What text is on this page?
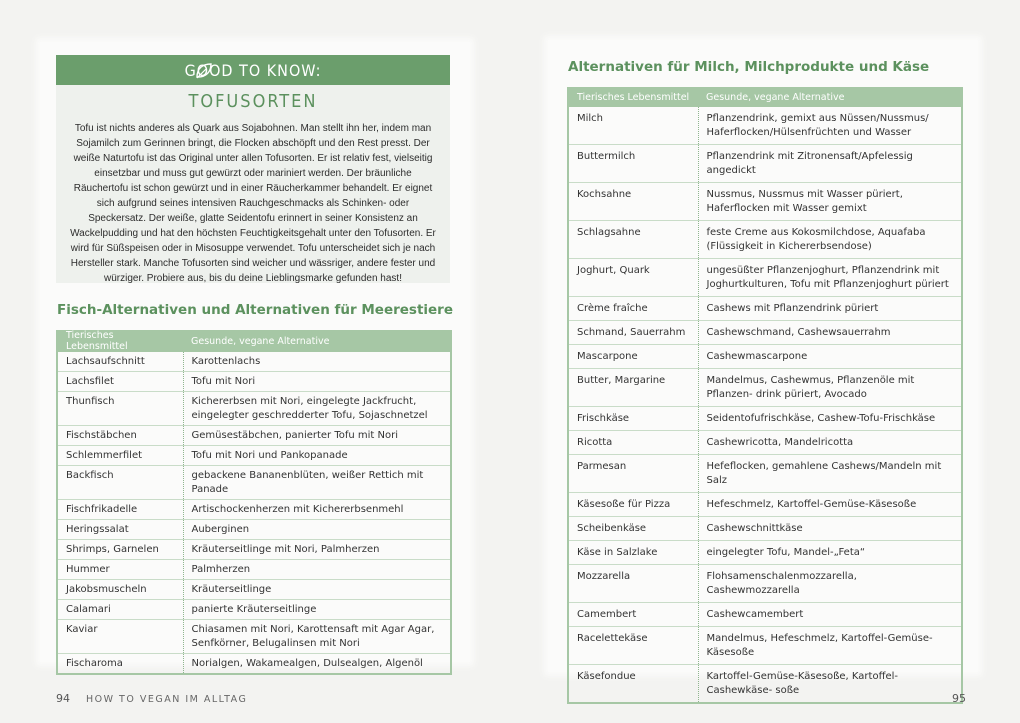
GOOD TO KNOW:
TOFUSORTEN
Tofu ist nichts anderes als Quark aus Sojabohnen. Man stellt ihn her, indem man Sojamilch zum Gerinnen bringt, die Flocken abschöpft und den Rest presst. Der weiße Naturtofu ist das Original unter allen Tofusorten. Er ist relativ fest, vielseitig einsetzbar und muss gut gewürzt oder mariniert werden. Der bräunliche Räuchertofu ist schon gewürzt und in einer Räucherkammer behandelt. Er eignet sich aufgrund seines intensiven Rauchgeschmacks als Schinken- oder Speckersatz. Der weiße, glatte Seidentofu erinnert in seiner Konsistenz an Wackelpudding und hat den höchsten Feuchtigkeitsgehalt unter den Tofusorten. Er wird für Süßspeisen oder in Misosuppe verwendet. Tofu unterscheidet sich je nach Hersteller stark. Manche Tofusorten sind weicher und wässriger, andere fester und würziger. Probiere aus, bis du deine Lieblingsmarke gefunden hast!
Fisch-Alternativen und Alternativen für Meerestiere
Tierisches Lebensmittel	Gesunde, vegane Alternative
Lachsaufschnitt	Karottenlachs
Lachsfilet	Tofu mit Nori
Thunfisch	Kichererbsen mit Nori, eingelegte Jackfrucht, eingelegter geschredderter Tofu, Sojaschnetzel
Fischstäbchen	Gemüsestäbchen, panierter Tofu mit Nori
Schlemmerfilet	Tofu mit Nori und Pankopanade
Backfisch	gebackene Bananenblüten, weißer Rettich mit Panade
Fischfrikadelle	Artischockenherzen mit Kichererbsenmehl
Heringssalat	Auberginen
Shrimps, Garnelen	Kräuterseitlinge mit Nori, Palmherzen
Hummer	Palmherzen
Jakobsmuscheln	Kräuterseitlinge
Calamari	panierte Kräuterseitlinge
Kaviar	Chiasamen mit Nori, Karottensaft mit Agar Agar, Senfkörner, Belugalinsen mit Nori
Fischaroma	Norialgen, Wakamealgen, Dulsealgen, Algenöl
Alternativen für Milch, Milchprodukte und Käse
Tierisches Lebensmittel	Gesunde, vegane Alternative
Milch	Pflanzendrink, gemixt aus Nüssen/Nussmus/ Haferflocken/Hülsenfrüchten und Wasser
Buttermilch	Pflanzendrink mit Zitronensaft/Apfelessig angedickt
Kochsahne	Nussmus, Nussmus mit Wasser püriert, Haferflocken mit Wasser gemixt
Schlagsahne	feste Creme aus Kokosmilchdose, Aquafaba (Flüssigkeit in Kichererbsendose)
Joghurt, Quark	ungesüßter Pflanzenjoghurt, Pflanzendrink mit Joghurtkulturen, Tofu mit Pflanzenjoghurt püriert
Crème fraîche	Cashews mit Pflanzendrink püriert
Schmand, Sauerrahm	Cashewschmand, Cashewsauerrahm
Mascarpone	Cashewmascarpone
Butter, Margarine	Mandelmus, Cashewmus, Pflanzenöle mit Pflanzen- drink püriert, Avocado
Frischkäse	Seidentofufrischkäse, Cashew-Tofu-Frischkäse
Ricotta	Cashewricotta, Mandelricotta
Parmesan	Hefeflocken, gemahlene Cashews/Mandeln mit Salz
Käsesoße für Pizza	Hefeschmelz, Kartoffel-Gemüse-Käsesoße
Scheibenkäse	Cashewschnittkäse
Käse in Salzlake	eingelegter Tofu, Mandel-„Feta“
Mozzarella	Flohsamenschalenmozzarella, Cashewmozzarella
Camembert	Cashewcamembert
Racelettekäse	Mandelmus, Hefeschmelz, Kartoffel-Gemüse- Käsesoße
Käsefondue	Kartoffel-Gemüse-Käsesoße, Kartoffel-Cashewkäse- soße
94 HOW TO VEGAN IM ALLTAG	95
